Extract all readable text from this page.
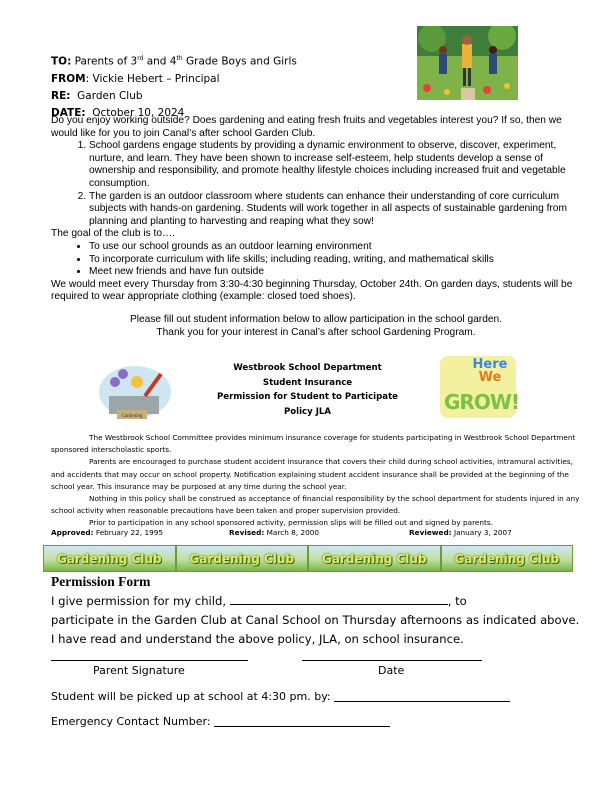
TO: Parents of 3rd and 4th Grade Boys and Girls
FROM: Vickie Hebert – Principal
RE: Garden Club
DATE: October 10, 2024

Do you enjoy working outside? Does gardening and eating fresh fruits and vegetables interest you? If so, then we would like for you to join Canal’s after school Garden Club.

1. School gardens engage students by providing a dynamic environment to observe, discover, experiment, nurture, and learn. They have been shown to increase self-esteem, help students develop a sense of ownership and responsibility, and promote healthy lifestyle choices including increased fruit and vegetable consumption.
2. The garden is an outdoor classroom where students can enhance their understanding of core curriculum subjects with hands-on gardening. Students will work together in all aspects of sustainable gardening from planning and planting to harvesting and reaping what they sow!

The goal of the club is to….

• To use our school grounds as an outdoor learning environment
• To incorporate curriculum with life skills; including reading, writing, and mathematical skills
• Meet new friends and have fun outside

We would meet every Thursday from 3:30-4:30 beginning Thursday, October 24th. On garden days, students will be required to wear appropriate clothing (example: closed toed shoes).

Please fill out student information below to allow participation in the school garden.

Thank you for your interest in Canal’s after school Gardening Program.

Gardening
Westbrook School Department
Student Insurance
Permission for Student to Participate
Policy JLA
Here
We
GROW!

The Westbrook School Committee provides minimum insurance coverage for students participating in Westbrook School Department sponsored interscholastic sports.

Parents are encouraged to purchase student accident insurance that covers their child during school activities, intramural activities, and accidents that may occur on school property. Notification explaining student accident insurance shall be provided at the beginning of the school year. This insurance may be purposed at any time during the school year.

Nothing in this policy shall be construed as acceptance of financial responsibility by the school department for students injured in any school activity when reasonable precautions have been taken and proper supervision provided.

Prior to participation in any school sponsored activity, permission slips will be filled out and signed by parents.

Approved: February 22, 1995	Revised: March 8, 2000	Reviewed: January 3, 2007
Gardening Club	Gardening Club	Gardening Club	Gardening Club
Permission Form
I give permission for my child,	, to
participate in the Garden Club at Canal School on Thursday afternoons as indicated above. I have read and understand the above policy, JLA, on school insurance.
Parent Signature	Date
Student will be picked up at school at 4:30 pm. by:
Emergency Contact Number:
